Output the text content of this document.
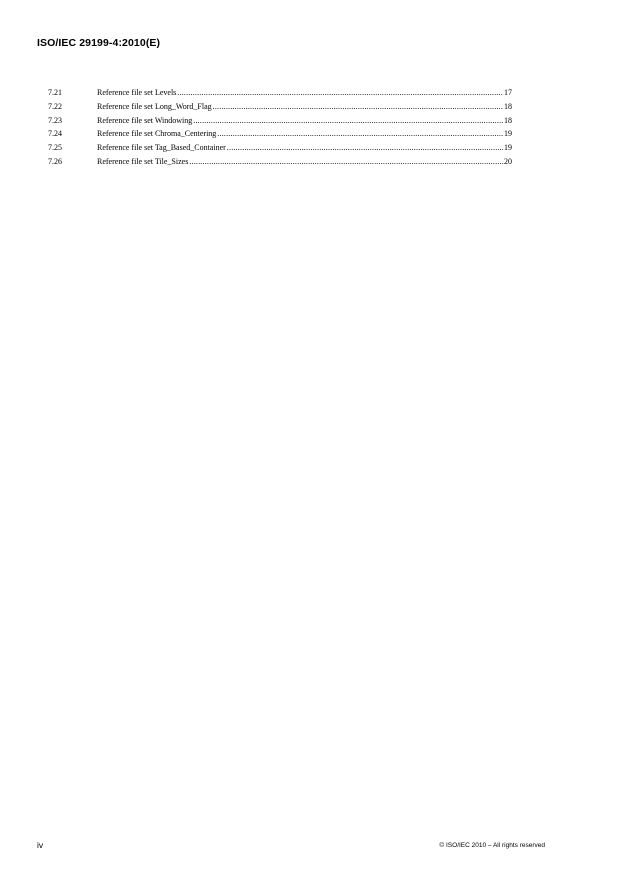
ISO/IEC 29199-4:2010(E)
7.21	Reference file set Levels .....	17
7.22	Reference file set Long_Word_Flag .....	18
7.23	Reference file set Windowing .....	18
7.24	Reference file set Chroma_Centering .....	19
7.25	Reference file set Tag_Based_Container .....	19
7.26	Reference file set Tile_Sizes .....	20
iv	© ISO/IEC 2010 – All rights reserved
